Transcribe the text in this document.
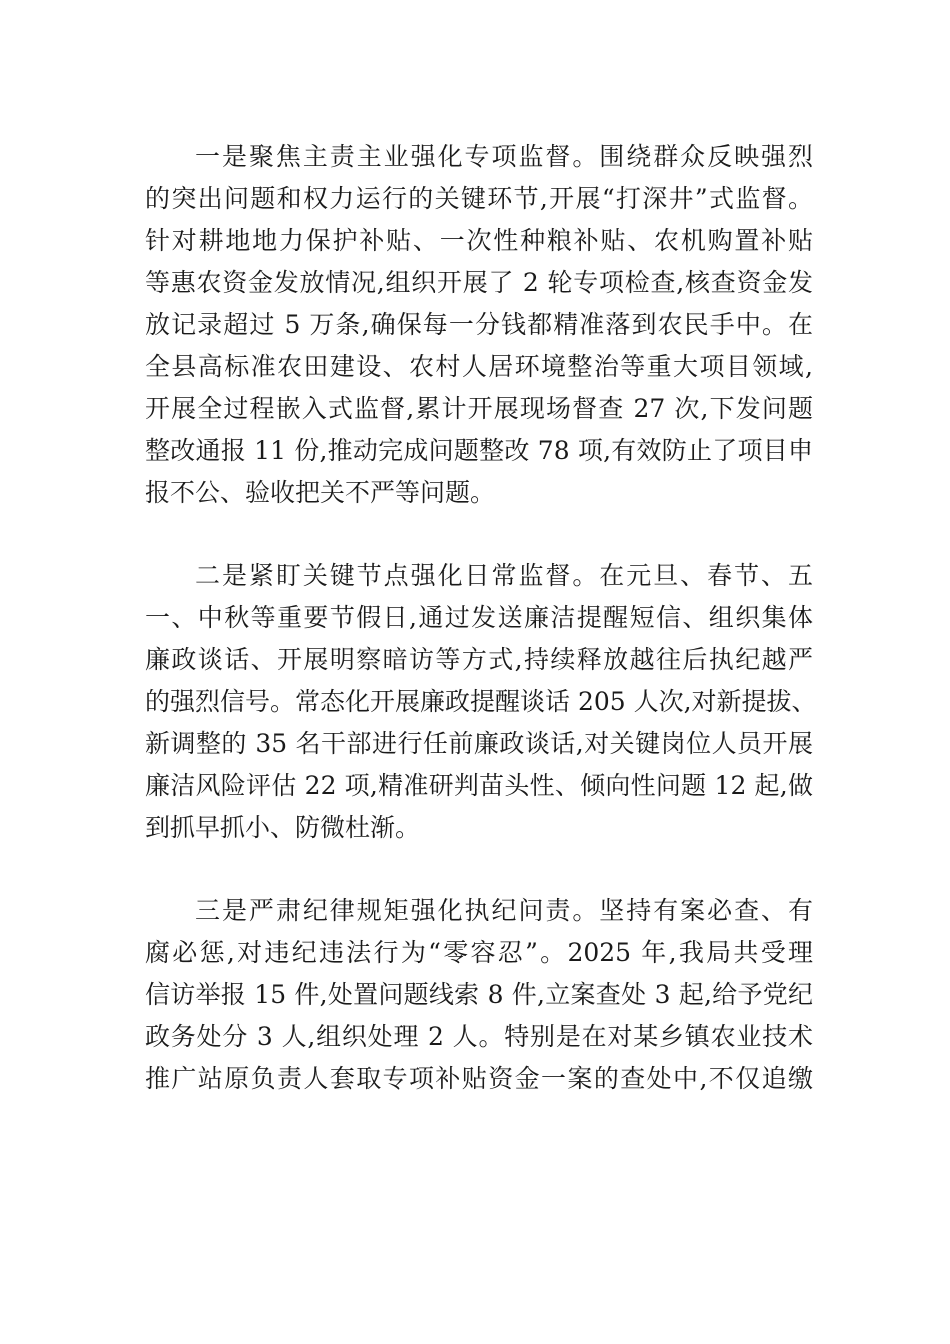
一是聚焦主责主业强化专项监督。围绕群众反映强烈
的突出问题和权力运行的关键环节,开展“打深井”式监督。
针对耕地地力保护补贴、一次性种粮补贴、农机购置补贴
等惠农资金发放情况,组织开展了 2 轮专项检查,核查资金发
放记录超过 5 万条,确保每一分钱都精准落到农民手中。在
全县高标准农田建设、农村人居环境整治等重大项目领域,
开展全过程嵌入式监督,累计开展现场督查 27 次,下发问题
整改通报 11 份,推动完成问题整改 78 项,有效防止了项目申
报不公、验收把关不严等问题。
二是紧盯关键节点强化日常监督。在元旦、春节、五
一、中秋等重要节假日,通过发送廉洁提醒短信、组织集体
廉政谈话、开展明察暗访等方式,持续释放越往后执纪越严
的强烈信号。常态化开展廉政提醒谈话 205 人次,对新提拔、
新调整的 35 名干部进行任前廉政谈话,对关键岗位人员开展
廉洁风险评估 22 项,精准研判苗头性、倾向性问题 12 起,做
到抓早抓小、防微杜渐。
三是严肃纪律规矩强化执纪问责。坚持有案必查、有
腐必惩,对违纪违法行为“零容忍”。2025 年,我局共受理
信访举报 15 件,处置问题线索 8 件,立案查处 3 起,给予党纪
政务处分 3 人,组织处理 2 人。特别是在对某乡镇农业技术
推广站原负责人套取专项补贴资金一案的查处中,不仅追缴
